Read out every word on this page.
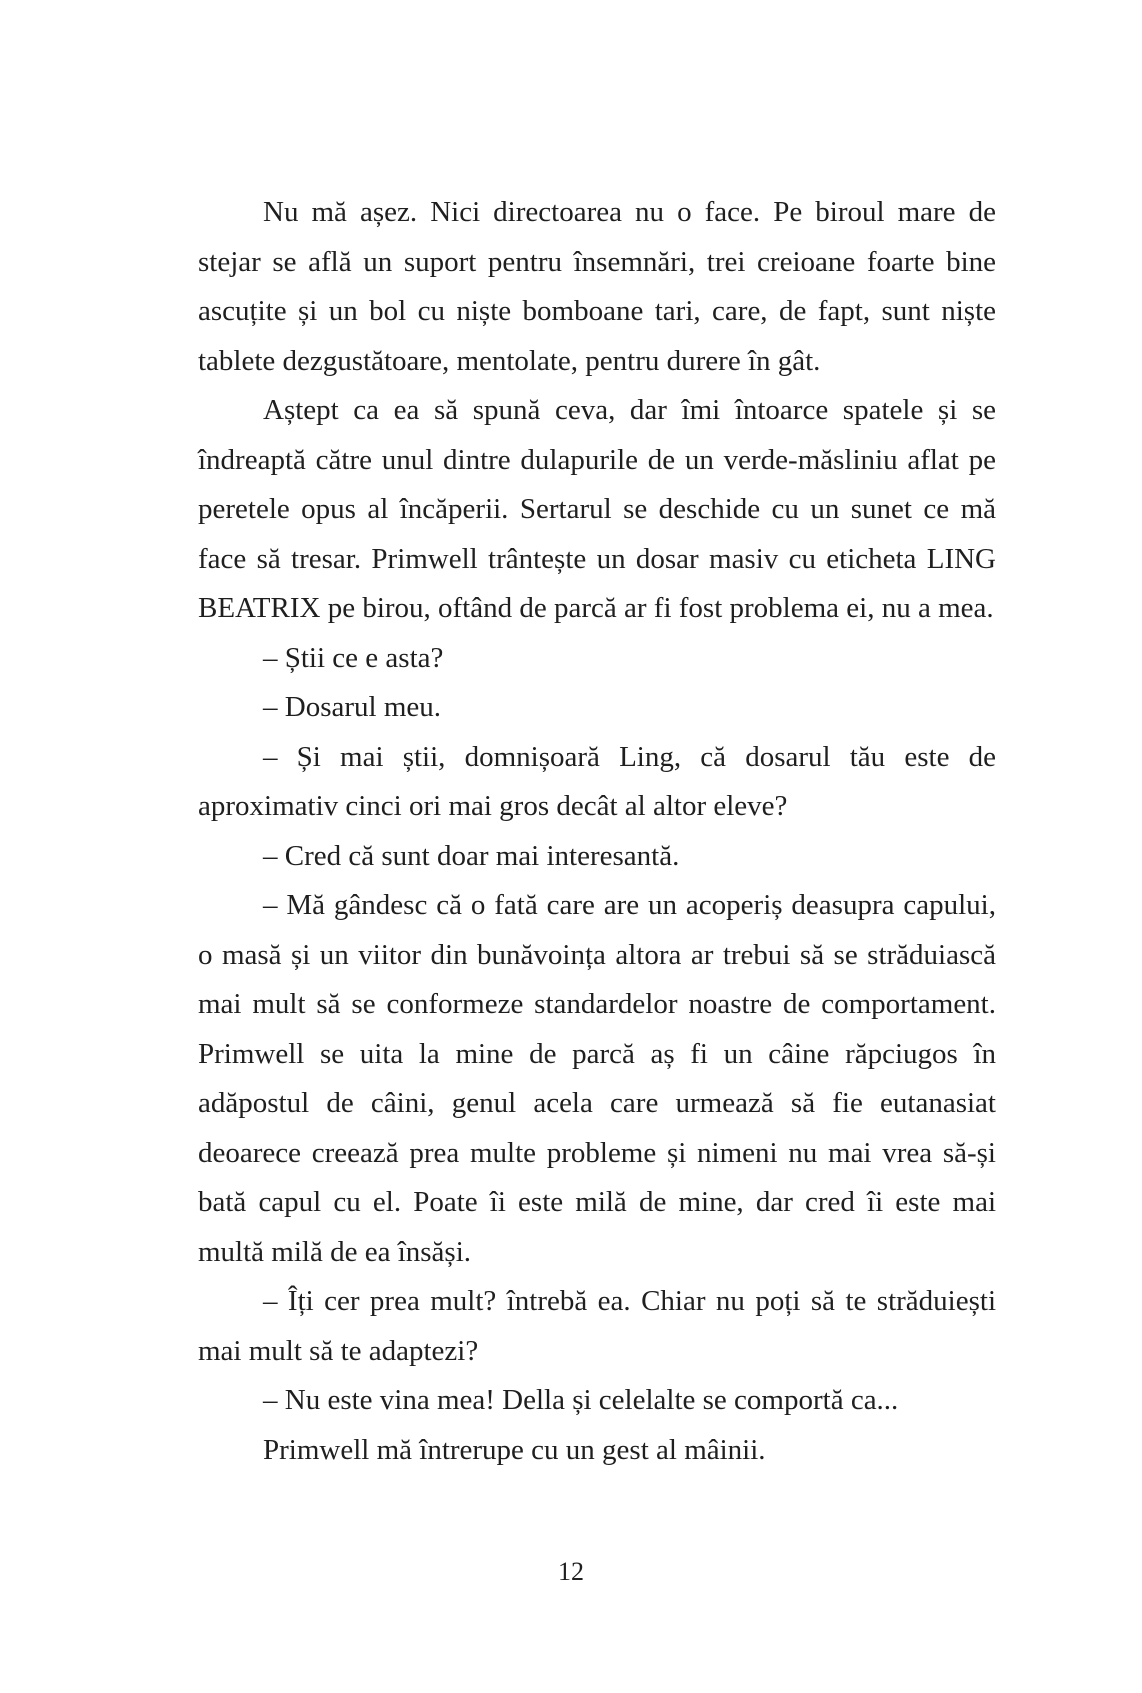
Nu mă așez. Nici directoarea nu o face. Pe biroul mare de stejar se află un suport pentru însemnări, trei creioane foarte bine ascuțite și un bol cu niște bomboane tari, care, de fapt, sunt niște tablete dezgustătoare, mentolate, pentru durere în gât.

Aștept ca ea să spună ceva, dar îmi întoarce spatele și se îndreaptă către unul dintre dulapurile de un verde-măsliniu aflat pe peretele opus al încăperii. Sertarul se deschide cu un sunet ce mă face să tresar. Primwell trântește un dosar masiv cu eticheta LING BEATRIX pe birou, oftând de parcă ar fi fost problema ei, nu a mea.

– Știi ce e asta?

– Dosarul meu.

– Și mai știi, domnișoară Ling, că dosarul tău este de aproximativ cinci ori mai gros decât al altor eleve?

– Cred că sunt doar mai interesantă.

– Mă gândesc că o fată care are un acoperiș deasupra capului, o masă și un viitor din bunăvoința altora ar trebui să se străduiască mai mult să se conformeze standardelor noastre de comportament. Primwell se uita la mine de parcă aș fi un câine răpciugos în adăpostul de câini, genul acela care urmează să fie eutanasiat deoarece creează prea multe probleme și nimeni nu mai vrea să-și bată capul cu el. Poate îi este milă de mine, dar cred îi este mai multă milă de ea însăși.

– Îți cer prea mult? întrebă ea. Chiar nu poți să te străduiești mai mult să te adaptezi?

– Nu este vina mea! Della și celelalte se comportă ca...

Primwell mă întrerupe cu un gest al mâinii.

12
